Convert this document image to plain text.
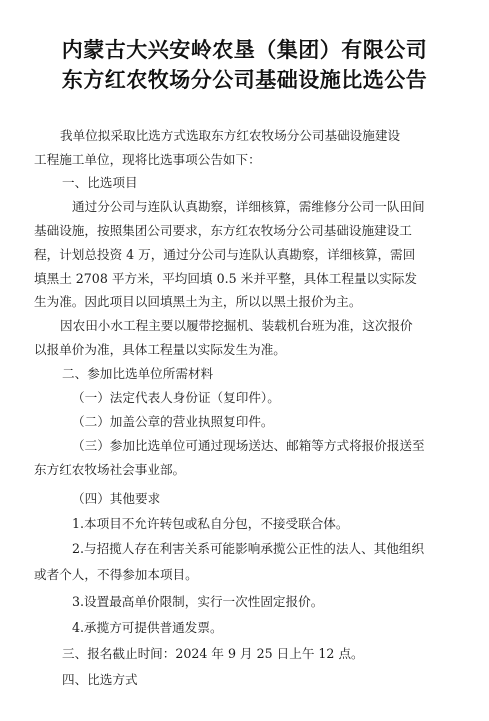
内蒙古大兴安岭农垦（集团）有限公司
东方红农牧场分公司基础设施比选公告
我单位拟采取比选方式选取东方红农牧场分公司基础设施建设
工程施工单位，现将比选事项公告如下：
一、比选项目
通过分公司与连队认真勘察，详细核算，需维修分公司一队田间
基础设施，按照集团公司要求，东方红农牧场分公司基础设施建设工
程，计划总投资 4 万，通过分公司与连队认真勘察，详细核算，需回
填黑土 2708 平方米，平均回填 0.5 米并平整，具体工程量以实际发
生为准。因此项目以回填黑土为主，所以以黑土报价为主。
因农田小水工程主要以履带挖掘机、装载机台班为准，这次报价
以报单价为准，具体工程量以实际发生为准。
二、参加比选单位所需材料
（一）法定代表人身份证（复印件）。
（二）加盖公章的营业执照复印件。
（三）参加比选单位可通过现场送达、邮箱等方式将报价报送至
东方红农牧场社会事业部。
（四）其他要求
1.本项目不允许转包或私自分包，不接受联合体。
2.与招揽人存在利害关系可能影响承揽公正性的法人、其他组织
或者个人，不得参加本项目。
3.设置最高单价限制，实行一次性固定报价。
4.承揽方可提供普通发票。
三、报名截止时间：2024 年 9 月 25 日上午 12 点。
四、比选方式
